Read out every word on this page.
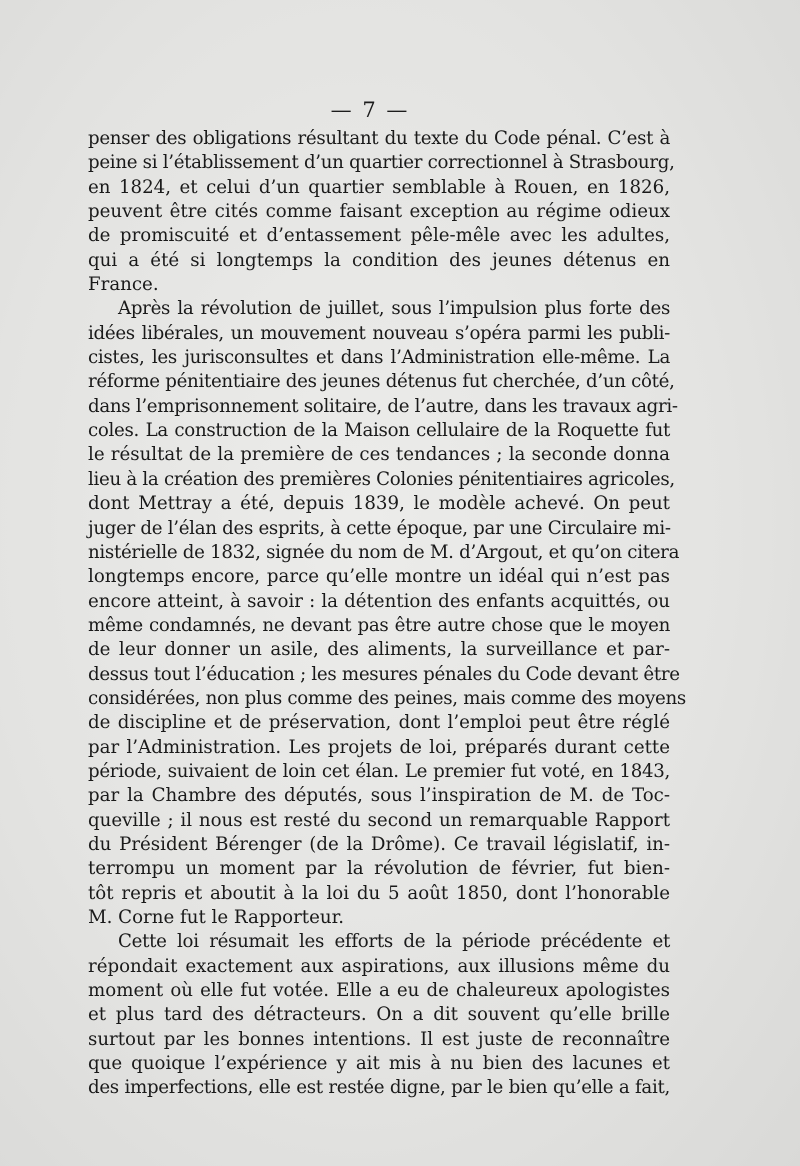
— 7 —

penser des obligations résultant du texte du Code pénal. C’est à
peine si l’établissement d’un quartier correctionnel à Strasbourg,
en 1824, et celui d’un quartier semblable à Rouen, en 1826,
peuvent être cités comme faisant exception au régime odieux
de promiscuité et d’entassement pêle-mêle avec les adultes,
qui a été si longtemps la condition des jeunes détenus en
France.

Après la révolution de juillet, sous l’impulsion plus forte des
idées libérales, un mouvement nouveau s’opéra parmi les publi-
cistes, les jurisconsultes et dans l’Administration elle-même. La
réforme pénitentiaire des jeunes détenus fut cherchée, d’un côté,
dans l’emprisonnement solitaire, de l’autre, dans les travaux agri-
coles. La construction de la Maison cellulaire de la Roquette fut
le résultat de la première de ces tendances ; la seconde donna
lieu à la création des premières Colonies pénitentiaires agricoles,
dont Mettray a été, depuis 1839, le modèle achevé. On peut
juger de l’élan des esprits, à cette époque, par une Circulaire mi-
nistérielle de 1832, signée du nom de M. d’Argout, et qu’on citera
longtemps encore, parce qu’elle montre un idéal qui n’est pas
encore atteint, à savoir : la détention des enfants acquittés, ou
même condamnés, ne devant pas être autre chose que le moyen
de leur donner un asile, des aliments, la surveillance et par-
dessus tout l’éducation ; les mesures pénales du Code devant être
considérées, non plus comme des peines, mais comme des moyens
de discipline et de préservation, dont l’emploi peut être réglé
par l’Administration. Les projets de loi, préparés durant cette
période, suivaient de loin cet élan. Le premier fut voté, en 1843,
par la Chambre des députés, sous l’inspiration de M. de Toc-
queville ; il nous est resté du second un remarquable Rapport
du Président Bérenger (de la Drôme). Ce travail législatif, in-
terrompu un moment par la révolution de février, fut bien-
tôt repris et aboutit à la loi du 5 août 1850, dont l’honorable
M. Corne fut le Rapporteur.

Cette loi résumait les efforts de la période précédente et
répondait exactement aux aspirations, aux illusions même du
moment où elle fut votée. Elle a eu de chaleureux apologistes
et plus tard des détracteurs. On a dit souvent qu’elle brille
surtout par les bonnes intentions. Il est juste de reconnaître
que quoique l’expérience y ait mis à nu bien des lacunes et
des imperfections, elle est restée digne, par le bien qu’elle a fait,
